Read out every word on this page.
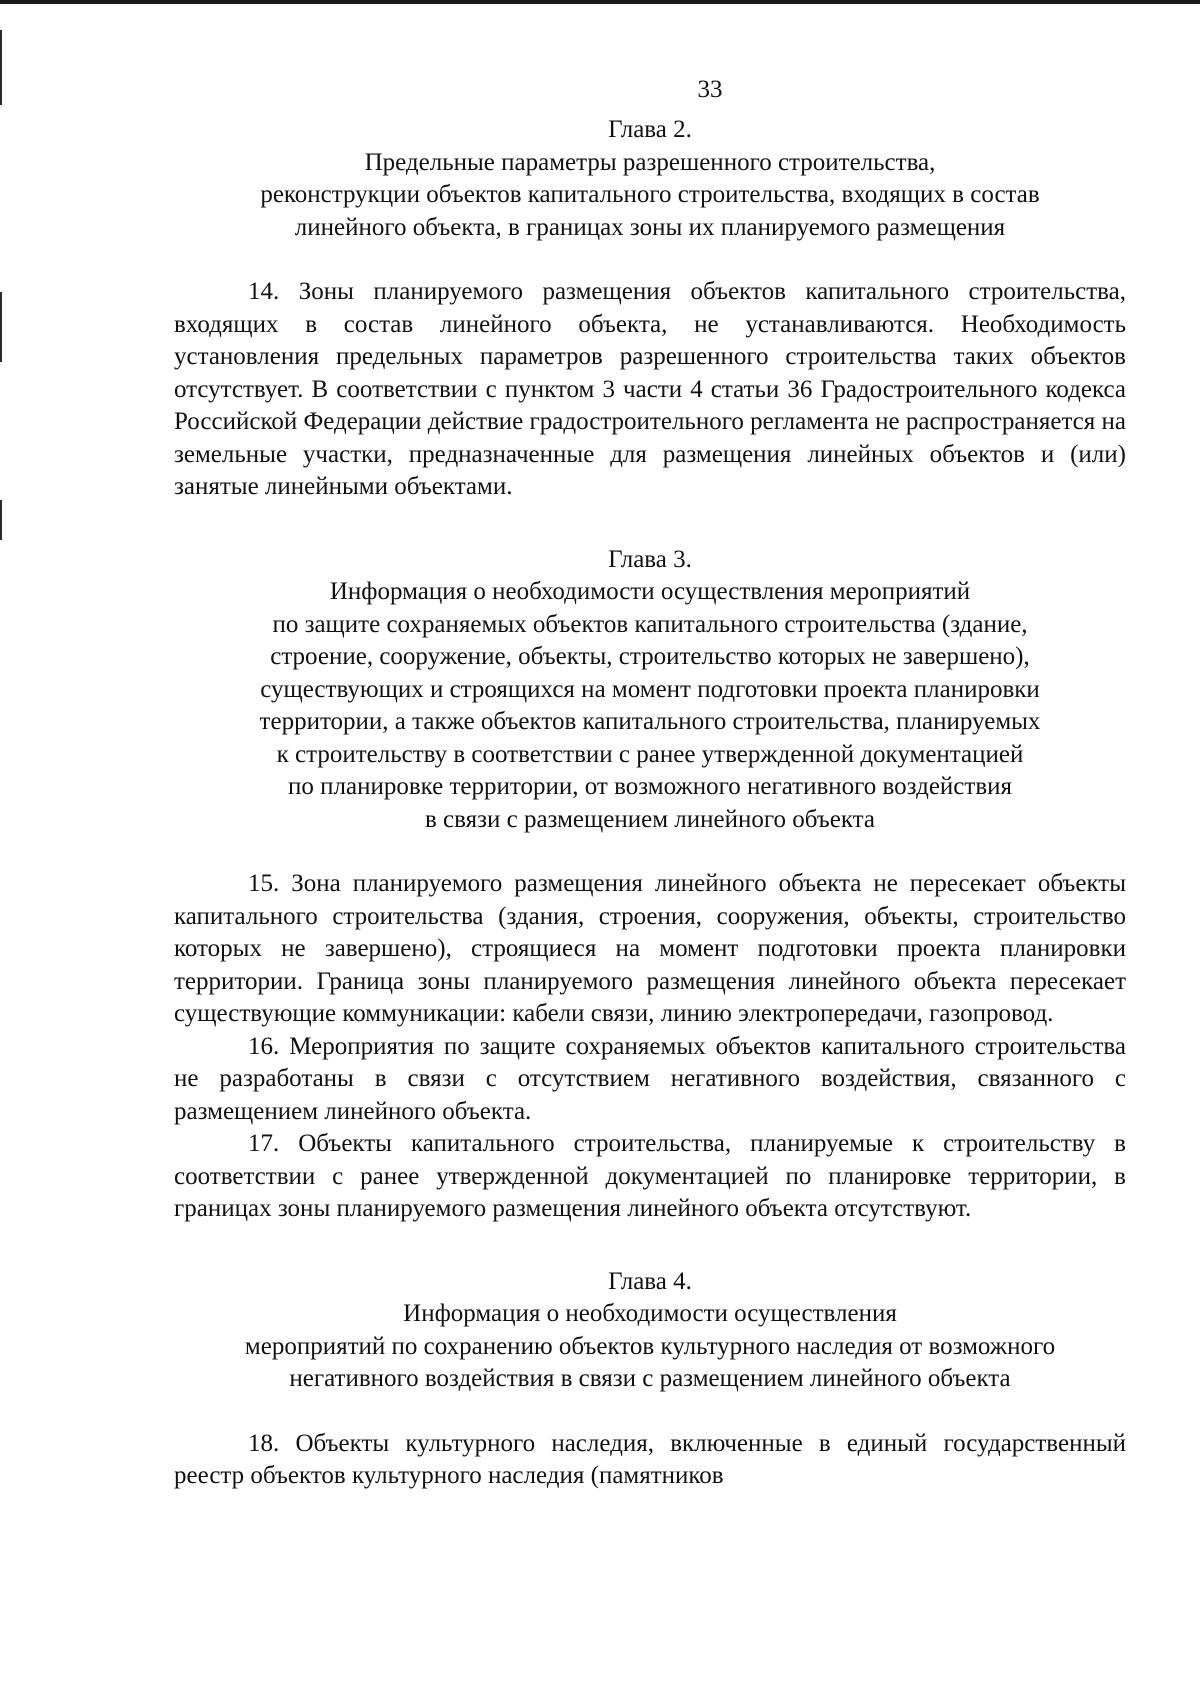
33
Глава 2.
Предельные параметры разрешенного строительства,
реконструкции объектов капитального строительства, входящих в состав
линейного объекта, в границах зоны их планируемого размещения

14. Зоны планируемого размещения объектов капитального строительства, входящих в состав линейного объекта, не устанавливаются. Необходимость установления предельных параметров разрешенного строительства таких объектов отсутствует. В соответствии с пунктом 3 части 4 статьи 36 Градостроительного кодекса Российской Федерации действие градостроительного регламента не распространяется на земельные участки, предназначенные для размещения линейных объектов и (или) занятые линейными объектами.

Глава 3.
Информация о необходимости осуществления мероприятий
по защите сохраняемых объектов капитального строительства (здание,
строение, сооружение, объекты, строительство которых не завершено),
существующих и строящихся на момент подготовки проекта планировки
территории, а также объектов капитального строительства, планируемых
к строительству в соответствии с ранее утвержденной документацией
по планировке территории, от возможного негативного воздействия
в связи с размещением линейного объекта

15. Зона планируемого размещения линейного объекта не пересекает объекты капитального строительства (здания, строения, сооружения, объекты, строительство которых не завершено), строящиеся на момент подготовки проекта планировки территории. Граница зоны планируемого размещения линейного объекта пересекает существующие коммуникации: кабели связи, линию электропередачи, газопровод.

16. Мероприятия по защите сохраняемых объектов капитального строительства не разработаны в связи с отсутствием негативного воздействия, связанного с размещением линейного объекта.

17. Объекты капитального строительства, планируемые к строительству в соответствии с ранее утвержденной документацией по планировке территории, в границах зоны планируемого размещения линейного объекта отсутствуют.

Глава 4.
Информация о необходимости осуществления
мероприятий по сохранению объектов культурного наследия от возможного
негативного воздействия в связи с размещением линейного объекта

18. Объекты культурного наследия, включенные в единый государственный реестр объектов культурного наследия (памятников
